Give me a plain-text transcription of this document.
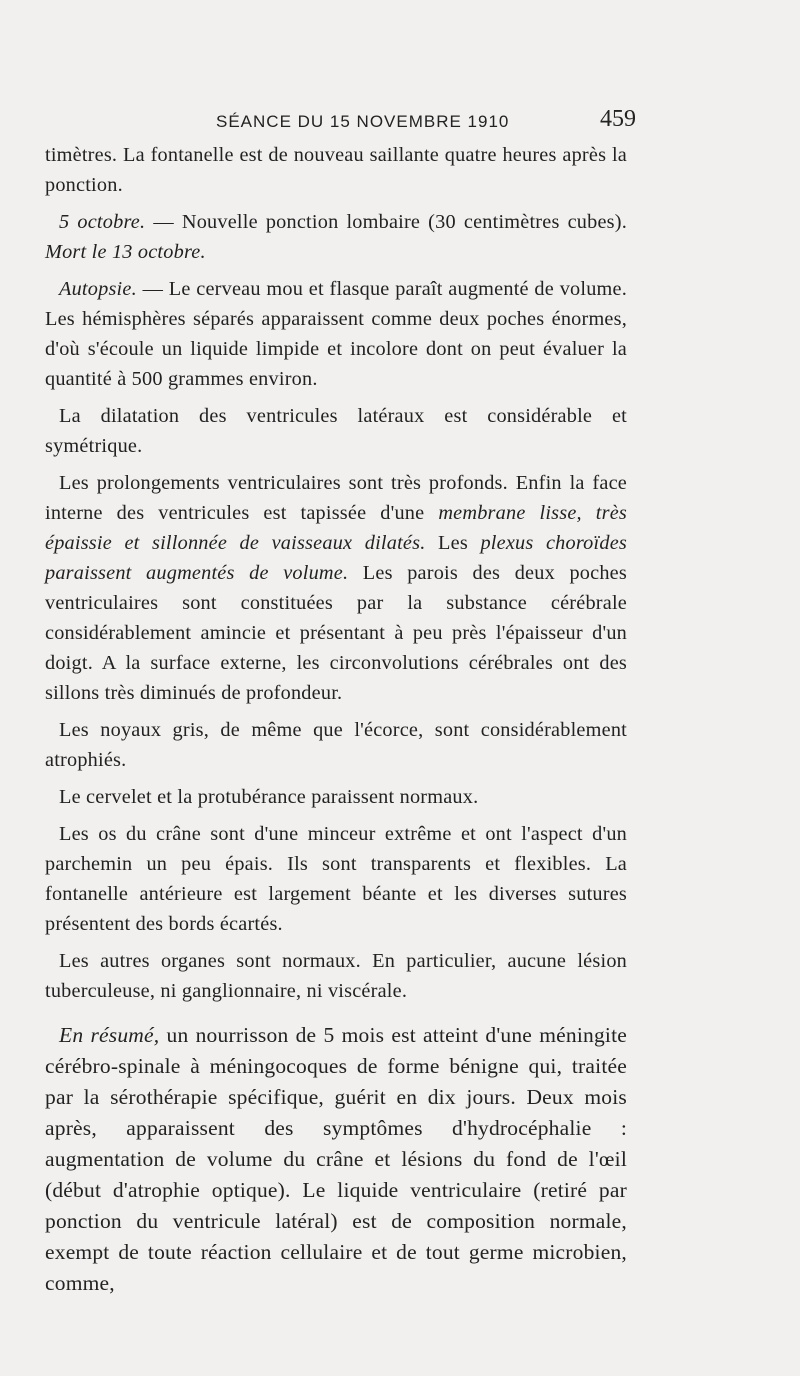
SÉANCE DU 15 NOVEMBRE 1910	459

timètres. La fontanelle est de nouveau saillante quatre heures après la ponction.

5 octobre. — Nouvelle ponction lombaire (30 centimètres cubes). Mort le 13 octobre.

Autopsie. — Le cerveau mou et flasque paraît augmenté de volume. Les hémisphères séparés apparaissent comme deux poches énormes, d'où s'écoule un liquide limpide et incolore dont on peut évaluer la quantité à 500 grammes environ.

La dilatation des ventricules latéraux est considérable et symétrique.

Les prolongements ventriculaires sont très profonds. Enfin la face interne des ventricules est tapissée d'une membrane lisse, très épaissie et sillonnée de vaisseaux dilatés. Les plexus choroïdes paraissent augmentés de volume. Les parois des deux poches ventriculaires sont constituées par la substance cérébrale considérablement amincie et présentant à peu près l'épaisseur d'un doigt. A la surface externe, les circonvolutions cérébrales ont des sillons très diminués de profondeur.

Les noyaux gris, de même que l'écorce, sont considérablement atrophiés.

Le cervelet et la protubérance paraissent normaux.

Les os du crâne sont d'une minceur extrême et ont l'aspect d'un parchemin un peu épais. Ils sont transparents et flexibles. La fontanelle antérieure est largement béante et les diverses sutures présentent des bords écartés.

Les autres organes sont normaux. En particulier, aucune lésion tuberculeuse, ni ganglionnaire, ni viscérale.

En résumé, un nourrisson de 5 mois est atteint d'une méningite cérébro-spinale à méningocoques de forme bénigne qui, traitée par la sérothérapie spécifique, guérit en dix jours. Deux mois après, apparaissent des symptômes d'hydrocéphalie : augmentation de volume du crâne et lésions du fond de l'œil (début d'atrophie optique). Le liquide ventriculaire (retiré par ponction du ventricule latéral) est de composition normale, exempt de toute réaction cellulaire et de tout germe microbien, comme,
